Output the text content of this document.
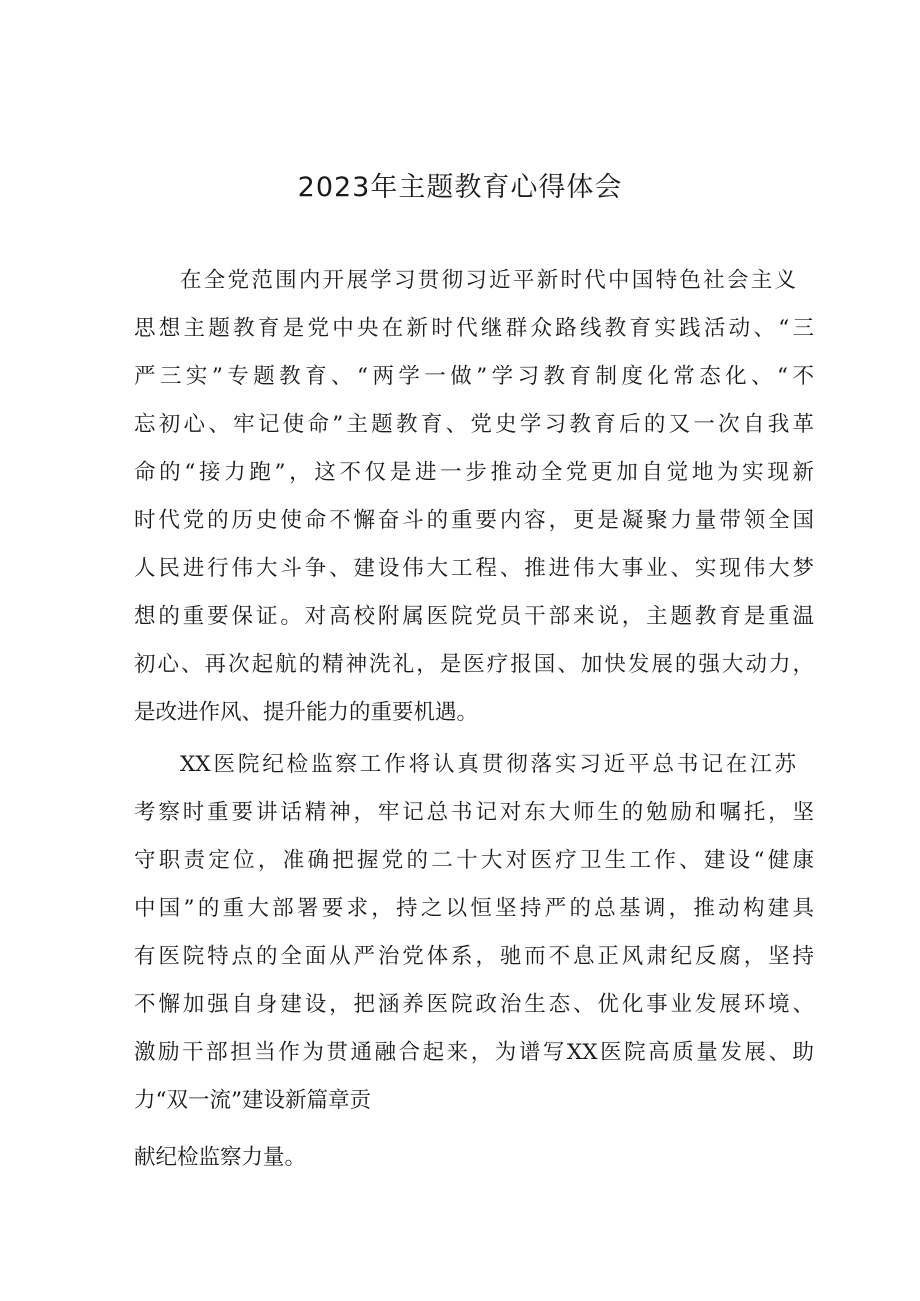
2023年主题教育心得体会
在全党范围内开展学习贯彻习近平新时代中国特色社会主义
思想主题教育是党中央在新时代继群众路线教育实践活动、“三
严三实”专题教育、“两学一做”学习教育制度化常态化、“不
忘初心、牢记使命”主题教育、党史学习教育后的又一次自我革
命的“接力跑”，这不仅是进一步推动全党更加自觉地为实现新
时代党的历史使命不懈奋斗的重要内容，更是凝聚力量带领全国
人民进行伟大斗争、建设伟大工程、推进伟大事业、实现伟大梦
想的重要保证。对高校附属医院党员干部来说，主题教育是重温
初心、再次起航的精神洗礼，是医疗报国、加快发展的强大动力，
是改进作风、提升能力的重要机遇。
XX医院纪检监察工作将认真贯彻落实习近平总书记在江苏
考察时重要讲话精神，牢记总书记对东大师生的勉励和嘱托，坚
守职责定位，准确把握党的二十大对医疗卫生工作、建设“健康
中国”的重大部署要求，持之以恒坚持严的总基调，推动构建具
有医院特点的全面从严治党体系，驰而不息正风肃纪反腐，坚持
不懈加强自身建设，把涵养医院政治生态、优化事业发展环境、
激励干部担当作为贯通融合起来，为谱写XX医院高质量发展、助
力“双一流”建设新篇章贡
献纪检监察力量。
